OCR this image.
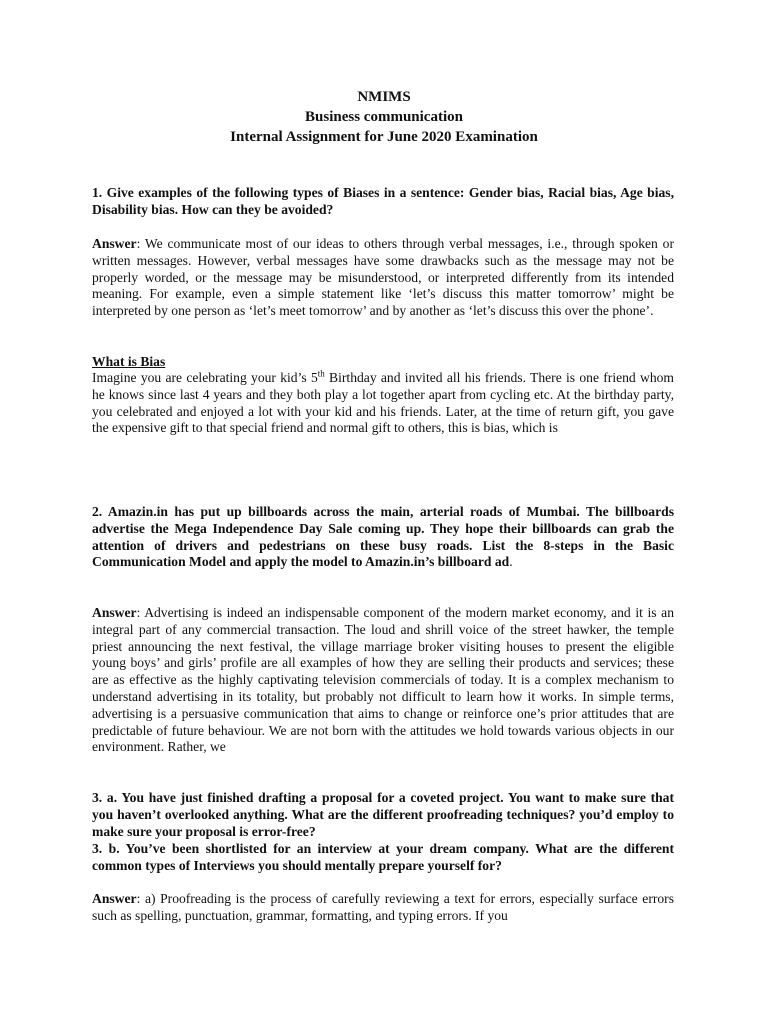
NMIMS
Business communication
Internal Assignment for June 2020 Examination

1. Give examples of the following types of Biases in a sentence: Gender bias, Racial bias, Age bias, Disability bias. How can they be avoided?

Answer: We communicate most of our ideas to others through verbal messages, i.e., through spoken or written messages. However, verbal messages have some drawbacks such as the message may not be properly worded, or the message may be misunderstood, or interpreted differently from its intended meaning. For example, even a simple statement like ‘let’s discuss this matter tomorrow’ might be interpreted by one person as ‘let’s meet tomorrow’ and by another as ‘let’s discuss this over the phone’.

What is Bias

Imagine you are celebrating your kid’s 5th Birthday and invited all his friends. There is one friend whom he knows since last 4 years and they both play a lot together apart from cycling etc. At the birthday party, you celebrated and enjoyed a lot with your kid and his friends. Later, at the time of return gift, you gave the expensive gift to that special friend and normal gift to others, this is bias, which is

2. Amazin.in has put up billboards across the main, arterial roads of Mumbai. The billboards advertise the Mega Independence Day Sale coming up. They hope their billboards can grab the attention of drivers and pedestrians on these busy roads. List the 8-steps in the Basic Communication Model and apply the model to Amazin.in’s billboard ad.

Answer: Advertising is indeed an indispensable component of the modern market economy, and it is an integral part of any commercial transaction. The loud and shrill voice of the street hawker, the temple priest announcing the next festival, the village marriage broker visiting houses to present the eligible young boys’ and girls’ profile are all examples of how they are selling their products and services; these are as effective as the highly captivating television commercials of today. It is a complex mechanism to understand advertising in its totality, but probably not difficult to learn how it works. In simple terms, advertising is a persuasive communication that aims to change or reinforce one’s prior attitudes that are predictable of future behaviour. We are not born with the attitudes we hold towards various objects in our environment. Rather, we

3. a. You have just finished drafting a proposal for a coveted project. You want to make sure that you haven’t overlooked anything. What are the different proofreading techniques? you’d employ to make sure your proposal is error-free?

3. b. You’ve been shortlisted for an interview at your dream company. What are the different common types of Interviews you should mentally prepare yourself for?

Answer: a) Proofreading is the process of carefully reviewing a text for errors, especially surface errors such as spelling, punctuation, grammar, formatting, and typing errors. If you
